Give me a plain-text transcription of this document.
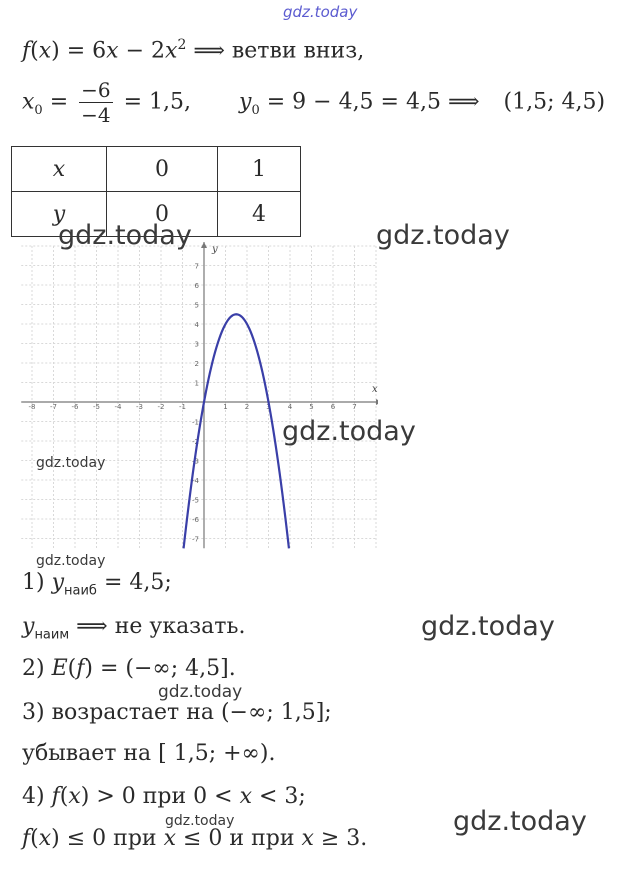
gdz.today
$f(x) = 6x - 2x^2$ ⟹ ветви вниз,
$x_0 = \frac{-6}{-4} = 1,5$, $y_0 = 9 - 4,5 = 4,5$ ⟹ (1,5; 4,5)
x	0	1
y	0	4
x
y
-8 -7 -6 -5 -4 -3 -2 -1	1 2 3 4 5 6 7
7
6
5
4
3
2
1
-1
-2
-3
-4
-5
-6
-7
gdz.today	gdz.today
gdz.today
gdz.today
gdz.today
gdz.today
gdz.today
gdz.today
gdz.today
1) $y_{наиб} = 4,5$;
$y_{наим}$ ⟹ не указать.
2) E(f) = (−∞; 4,5].
3) возрастает на (−∞; 1,5];
убывает на [ 1,5; +∞).
4) f(x) > 0 при 0 < x < 3;
f(x) ≤ 0 при x ≤ 0 и при x ≥ 3.
